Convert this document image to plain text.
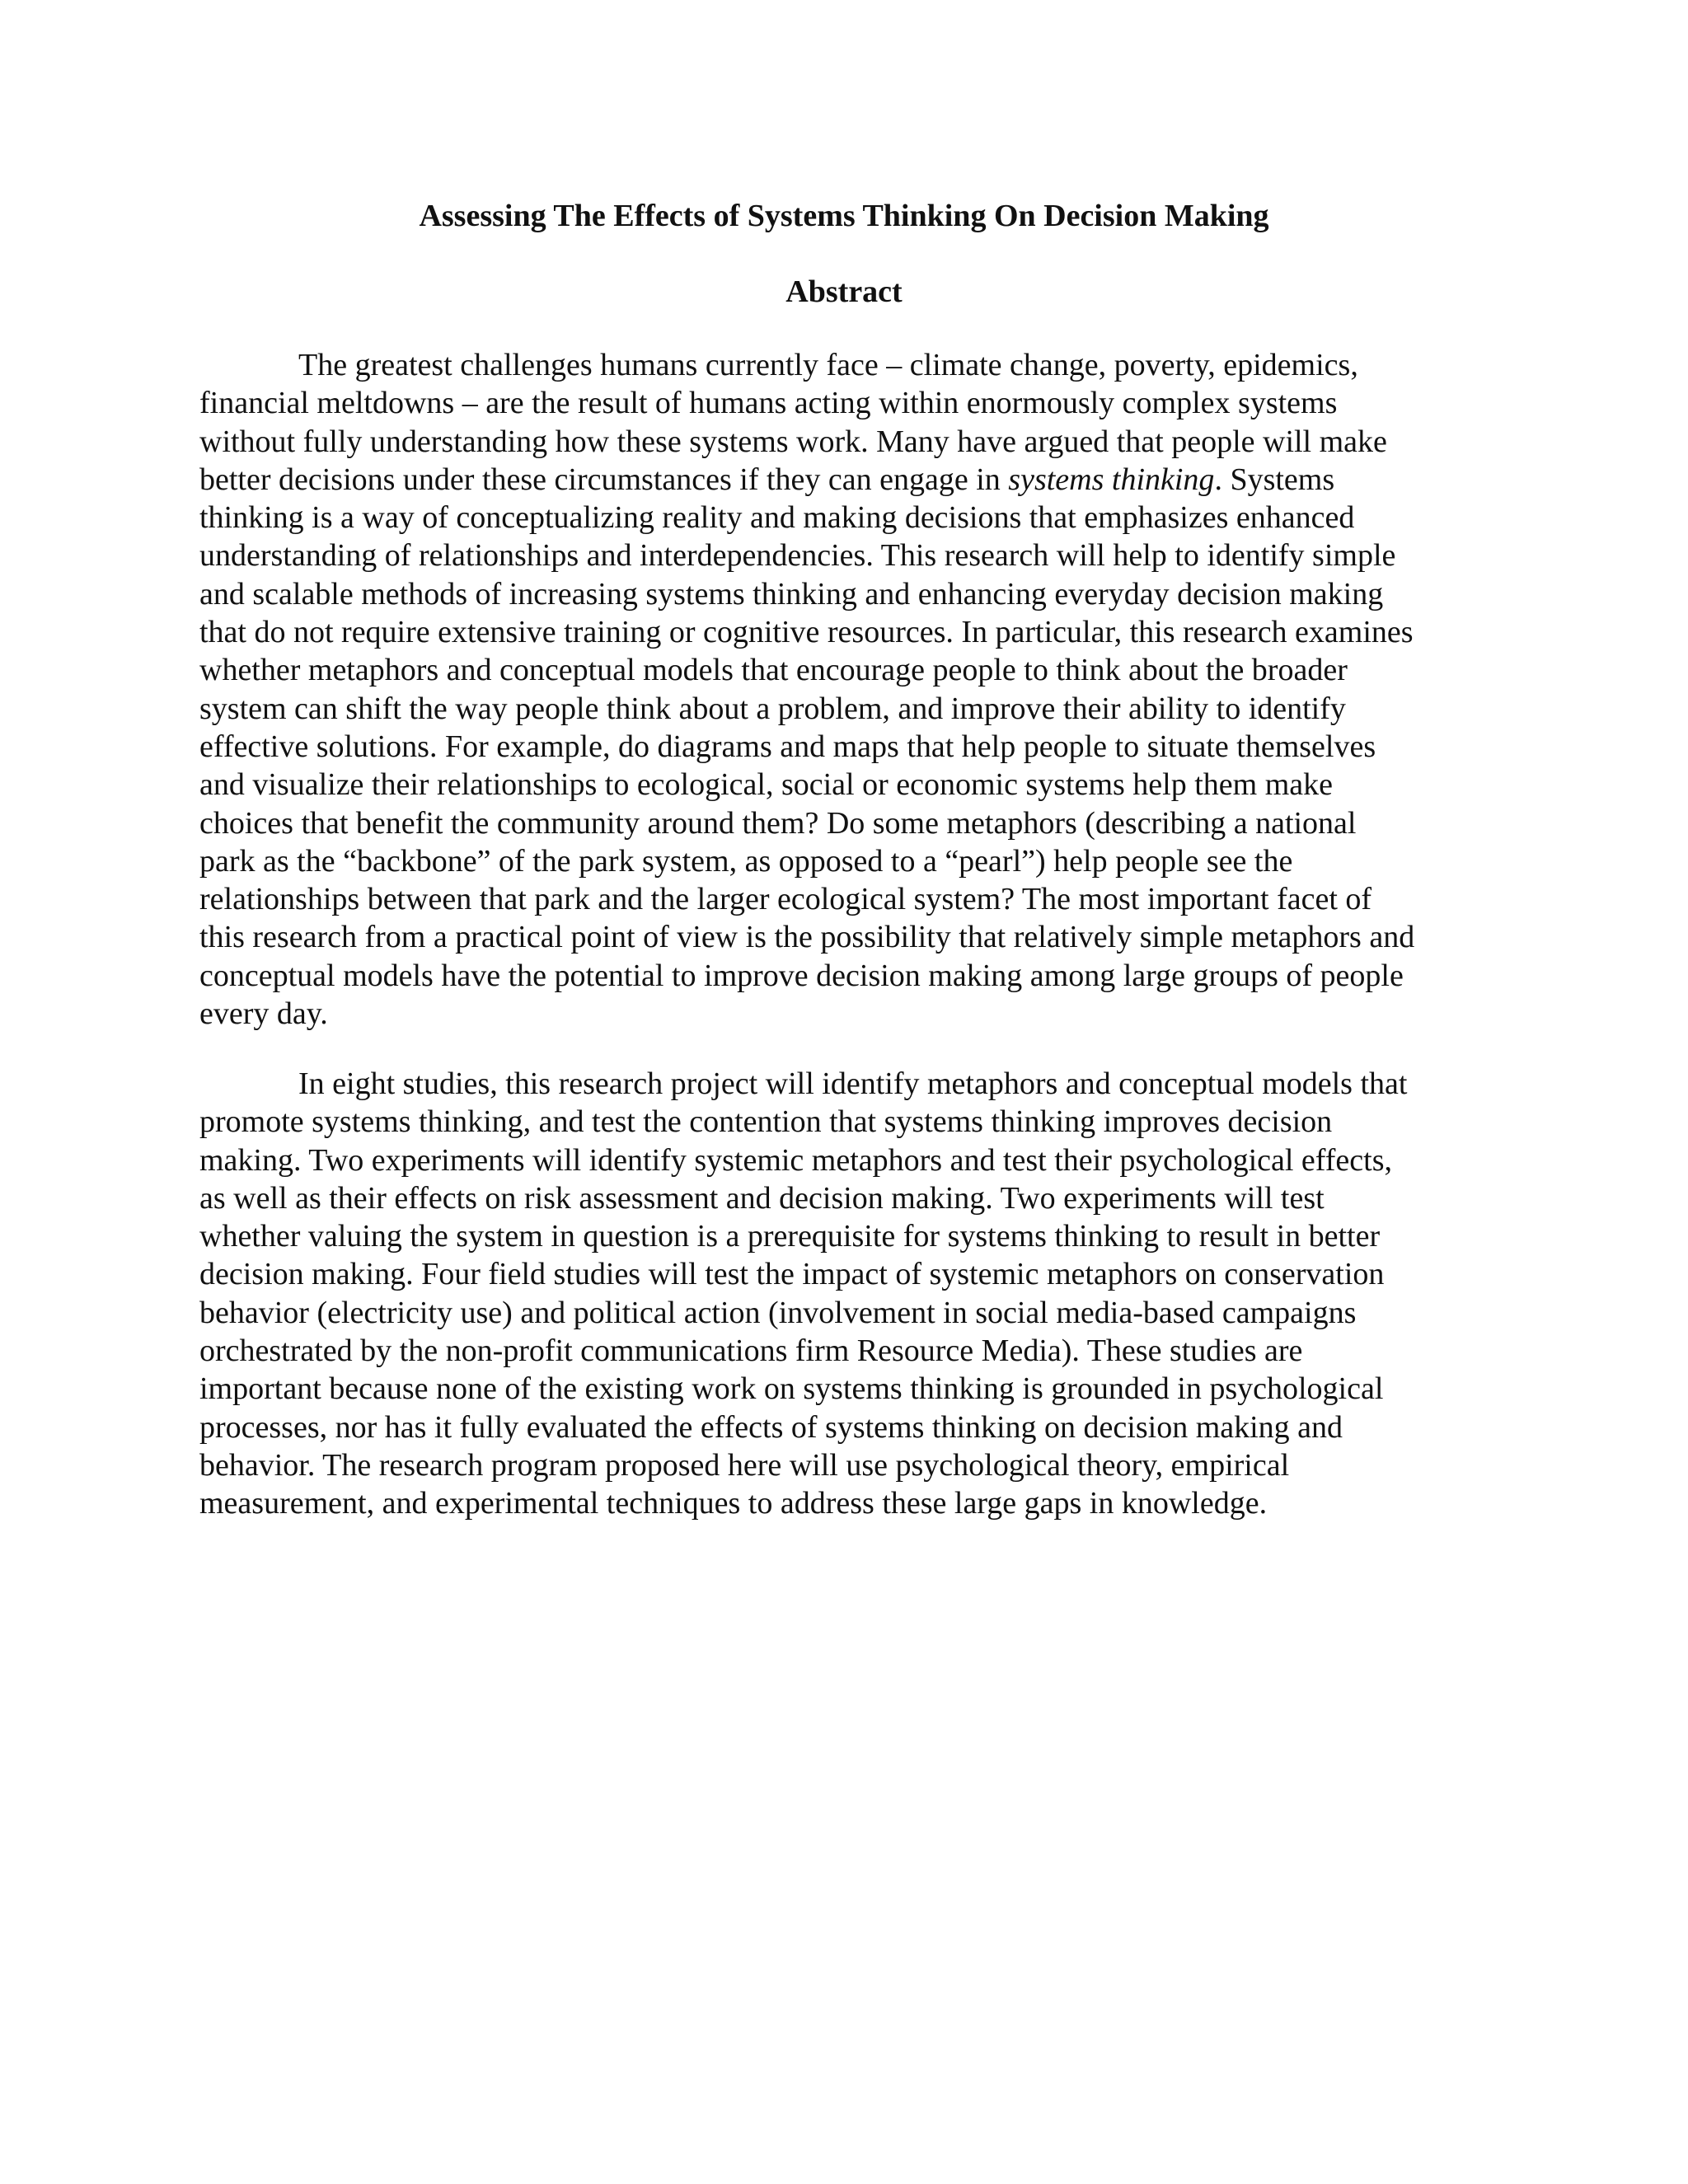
Assessing The Effects of Systems Thinking On Decision Making
Abstract

The greatest challenges humans currently face – climate change, poverty, epidemics,
financial meltdowns – are the result of humans acting within enormously complex systems
without fully understanding how these systems work. Many have argued that people will make
better decisions under these circumstances if they can engage in systems thinking. Systems
thinking is a way of conceptualizing reality and making decisions that emphasizes enhanced
understanding of relationships and interdependencies. This research will help to identify simple
and scalable methods of increasing systems thinking and enhancing everyday decision making
that do not require extensive training or cognitive resources. In particular, this research examines
whether metaphors and conceptual models that encourage people to think about the broader
system can shift the way people think about a problem, and improve their ability to identify
effective solutions. For example, do diagrams and maps that help people to situate themselves
and visualize their relationships to ecological, social or economic systems help them make
choices that benefit the community around them? Do some metaphors (describing a national
park as the “backbone” of the park system, as opposed to a “pearl”) help people see the
relationships between that park and the larger ecological system? The most important facet of
this research from a practical point of view is the possibility that relatively simple metaphors and
conceptual models have the potential to improve decision making among large groups of people
every day.

In eight studies, this research project will identify metaphors and conceptual models that
promote systems thinking, and test the contention that systems thinking improves decision
making. Two experiments will identify systemic metaphors and test their psychological effects,
as well as their effects on risk assessment and decision making. Two experiments will test
whether valuing the system in question is a prerequisite for systems thinking to result in better
decision making. Four field studies will test the impact of systemic metaphors on conservation
behavior (electricity use) and political action (involvement in social media-based campaigns
orchestrated by the non-profit communications firm Resource Media). These studies are
important because none of the existing work on systems thinking is grounded in psychological
processes, nor has it fully evaluated the effects of systems thinking on decision making and
behavior. The research program proposed here will use psychological theory, empirical
measurement, and experimental techniques to address these large gaps in knowledge.
